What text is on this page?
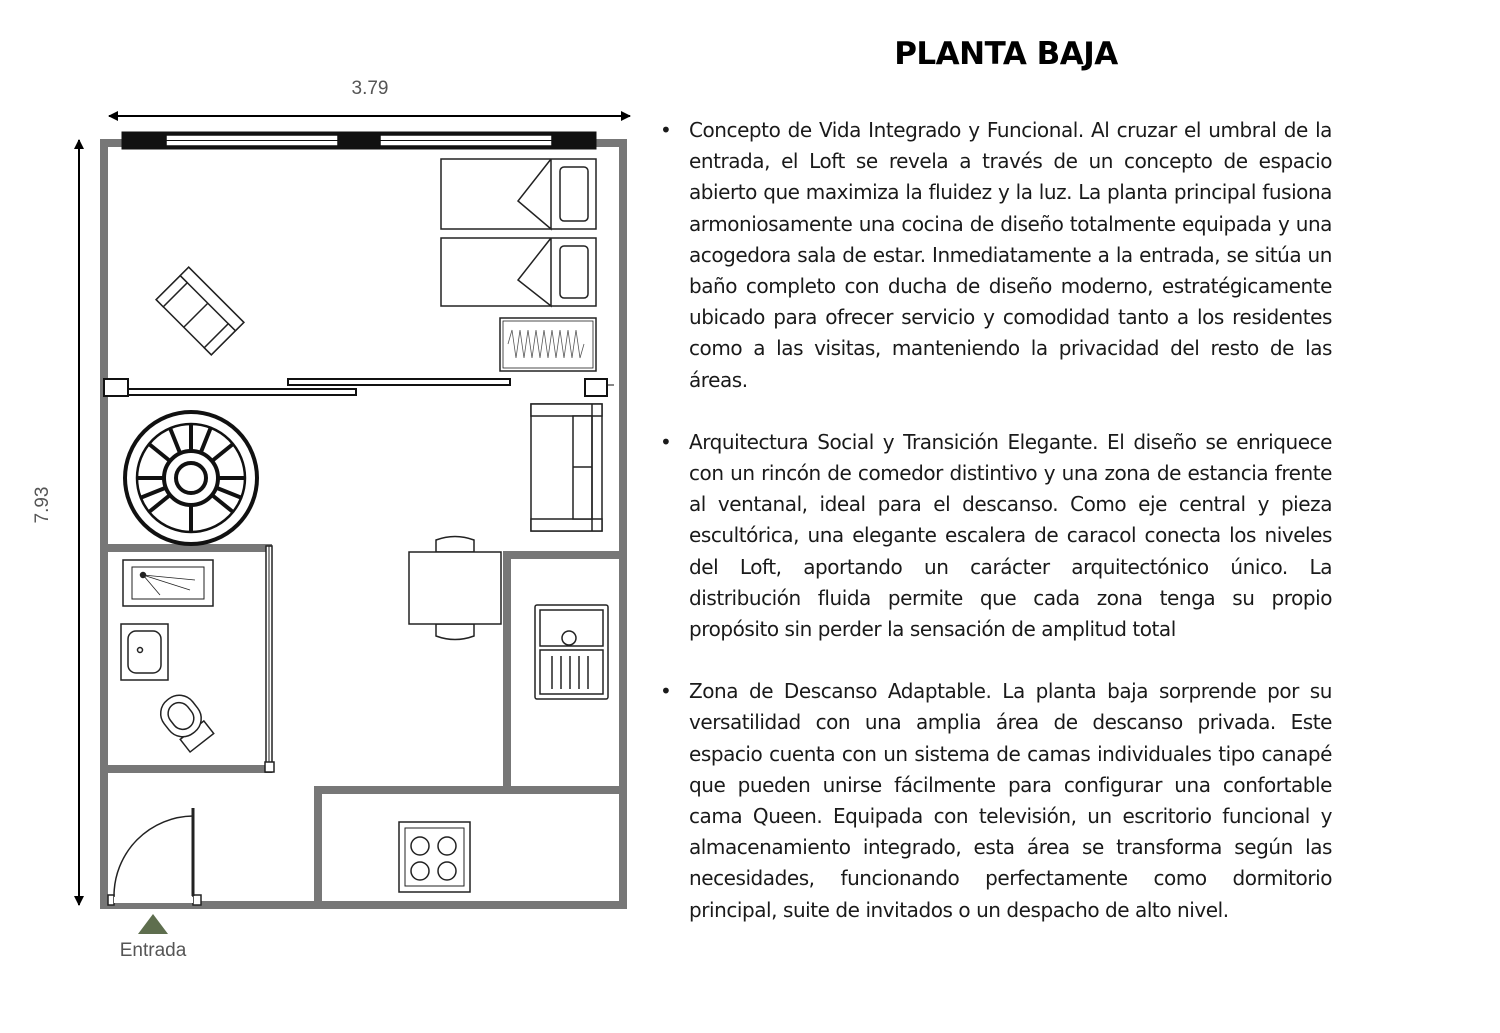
3.79
7.93
Entrada
PLANTA BAJA
• Concepto de Vida Integrado y Funcional. Al cruzar el umbral de la entrada, el Loft se revela a través de un concepto de espacio abierto que maximiza la fluidez y la luz. La planta principal fusiona armoniosamente una cocina de diseño totalmente equipada y una acogedora sala de estar. Inmediatamente a la entrada, se sitúa un baño completo con ducha de diseño moderno, estratégicamente ubicado para ofrecer servicio y comodidad tanto a los residentes como a las visitas, manteniendo la privacidad del resto de las áreas.
• Arquitectura Social y Transición Elegante. El diseño se enriquece con un rincón de comedor distintivo y una zona de estancia frente al ventanal, ideal para el descanso. Como eje central y pieza escultórica, una elegante escalera de caracol conecta los niveles del Loft, aportando un carácter arquitectónico único. La distribución fluida permite que cada zona tenga su propio propósito sin perder la sensación de amplitud total
• Zona de Descanso Adaptable. La planta baja sorprende por su versatilidad con una amplia área de descanso privada. Este espacio cuenta con un sistema de camas individuales tipo canapé que pueden unirse fácilmente para configurar una confortable cama Queen. Equipada con televisión, un escritorio funcional y almacenamiento integrado, esta área se transforma según las necesidades, funcionando perfectamente como dormitorio principal, suite de invitados o un despacho de alto nivel.
